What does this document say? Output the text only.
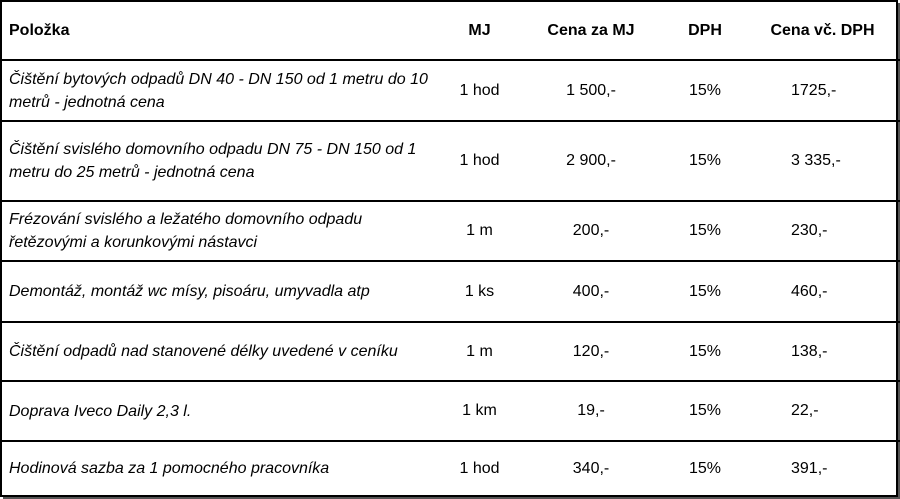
Položka	MJ	Cena za MJ	DPH	Cena vč. DPH
Čištění bytových odpadů DN 40 - DN 150 od 1 metru do 10 metrů - jednotná cena	1 hod	1 500,-	15%	1725,-
Čištění svislého domovního odpadu DN 75 - DN 150 od 1 metru do 25 metrů - jednotná cena	1 hod	2 900,-	15%	3 335,-
Frézování svislého a ležatého domovního odpadu řetězovými a korunkovými nástavci	1 m	200,-	15%	230,-
Demontáž, montáž wc mísy, pisoáru, umyvadla atp	1 ks	400,-	15%	460,-
Čištění odpadů nad stanovené délky uvedené v ceníku	1 m	120,-	15%	138,-
Doprava Iveco Daily 2,3 l.	1 km	19,-	15%	22,-
Hodinová sazba za 1 pomocného pracovníka	1 hod	340,-	15%	391,-
